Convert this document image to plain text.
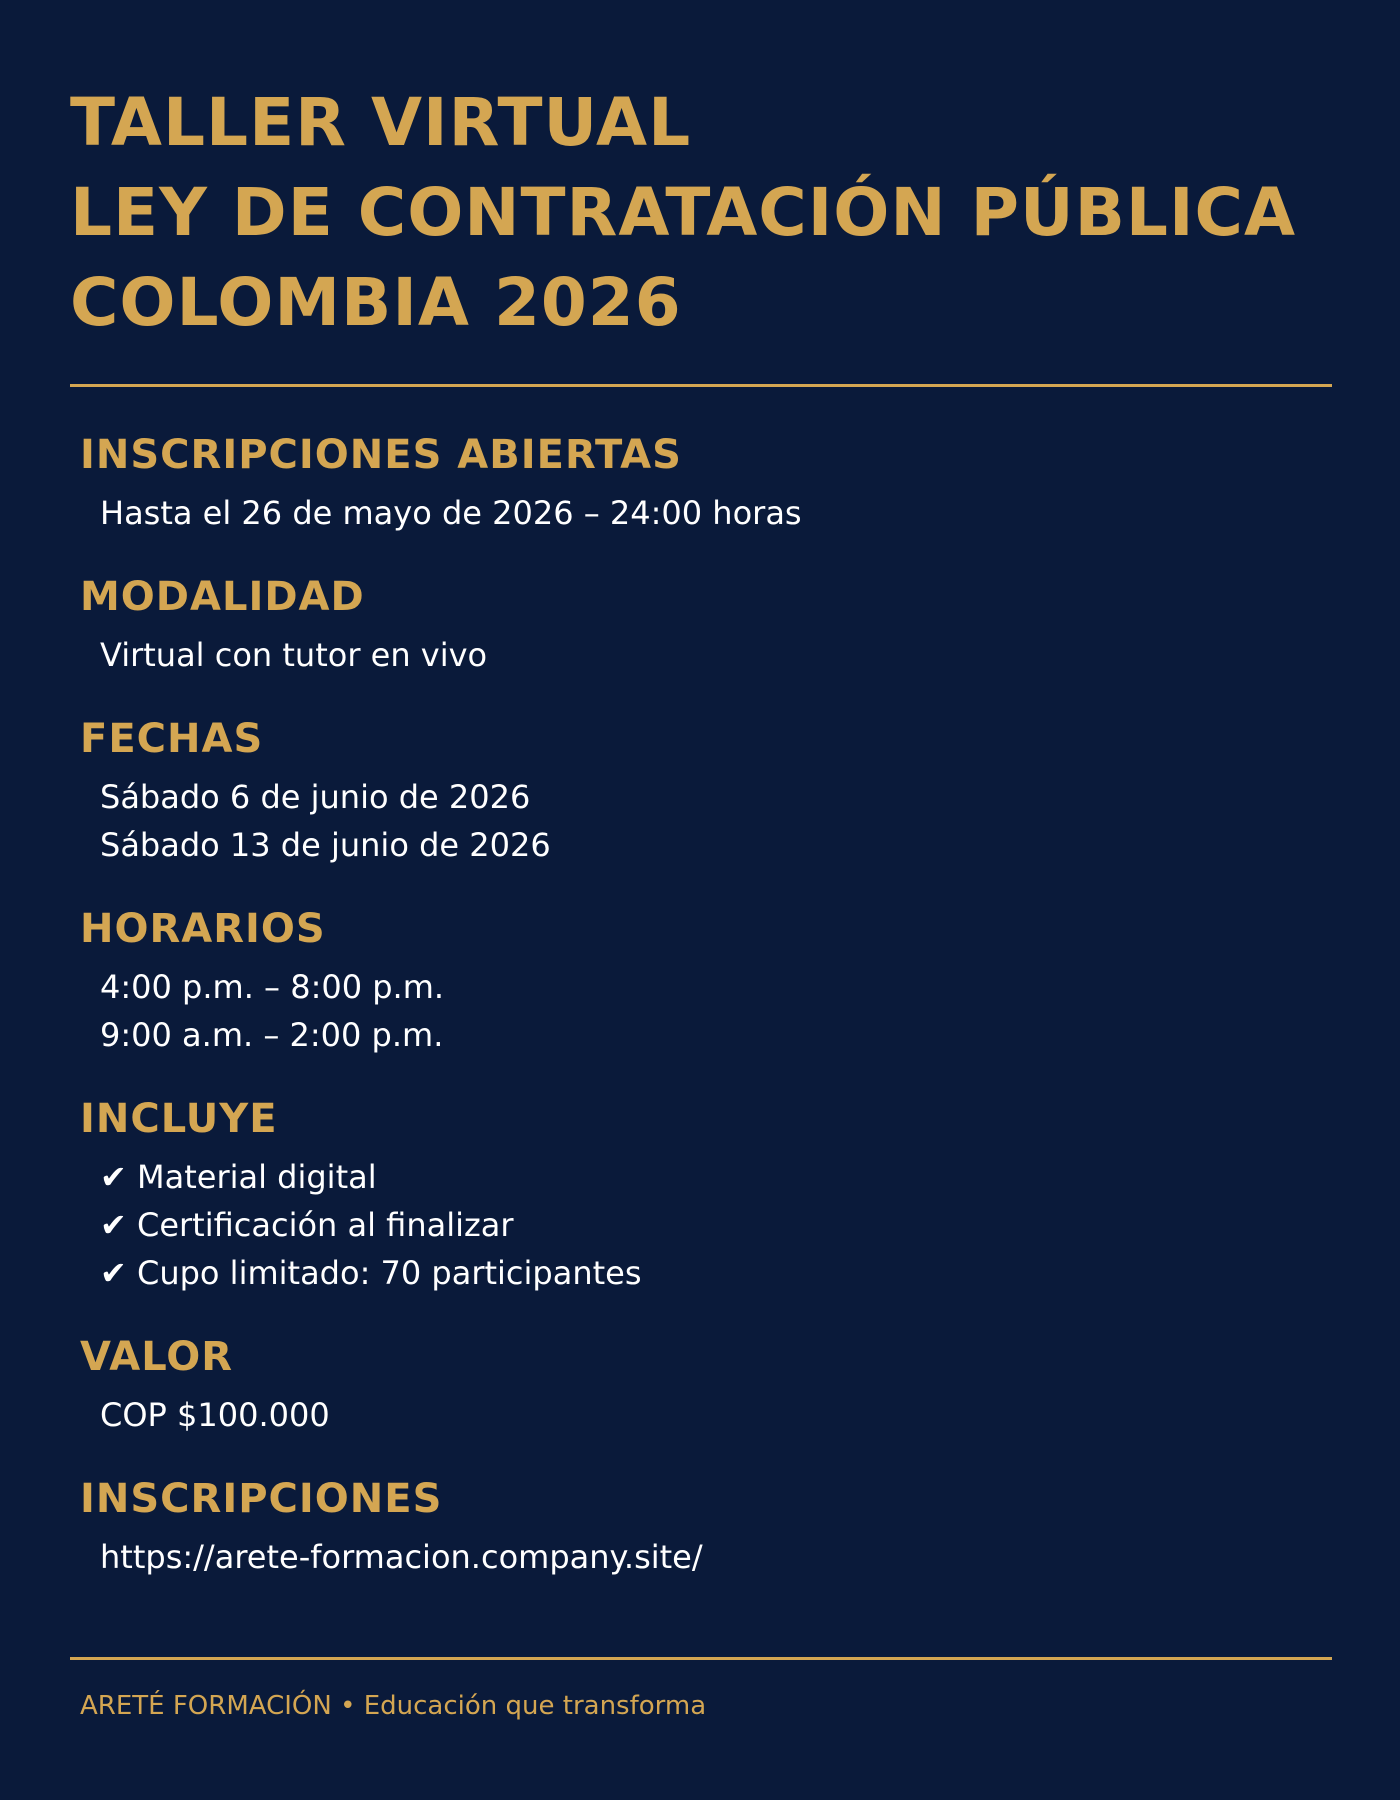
TALLER VIRTUAL
LEY DE CONTRATACIÓN PÚBLICA
COLOMBIA 2026
INSCRIPCIONES ABIERTAS
Hasta el 26 de mayo de 2026 – 24:00 horas
MODALIDAD
Virtual con tutor en vivo
FECHAS
Sábado 6 de junio de 2026
Sábado 13 de junio de 2026
HORARIOS
4:00 p.m. – 8:00 p.m.
9:00 a.m. – 2:00 p.m.
INCLUYE
✔ Material digital
✔ Certificación al finalizar
✔ Cupo limitado: 70 participantes
VALOR
COP $100.000
INSCRIPCIONES
https://arete-formacion.company.site/
ARETÉ FORMACIÓN • Educación que transforma
